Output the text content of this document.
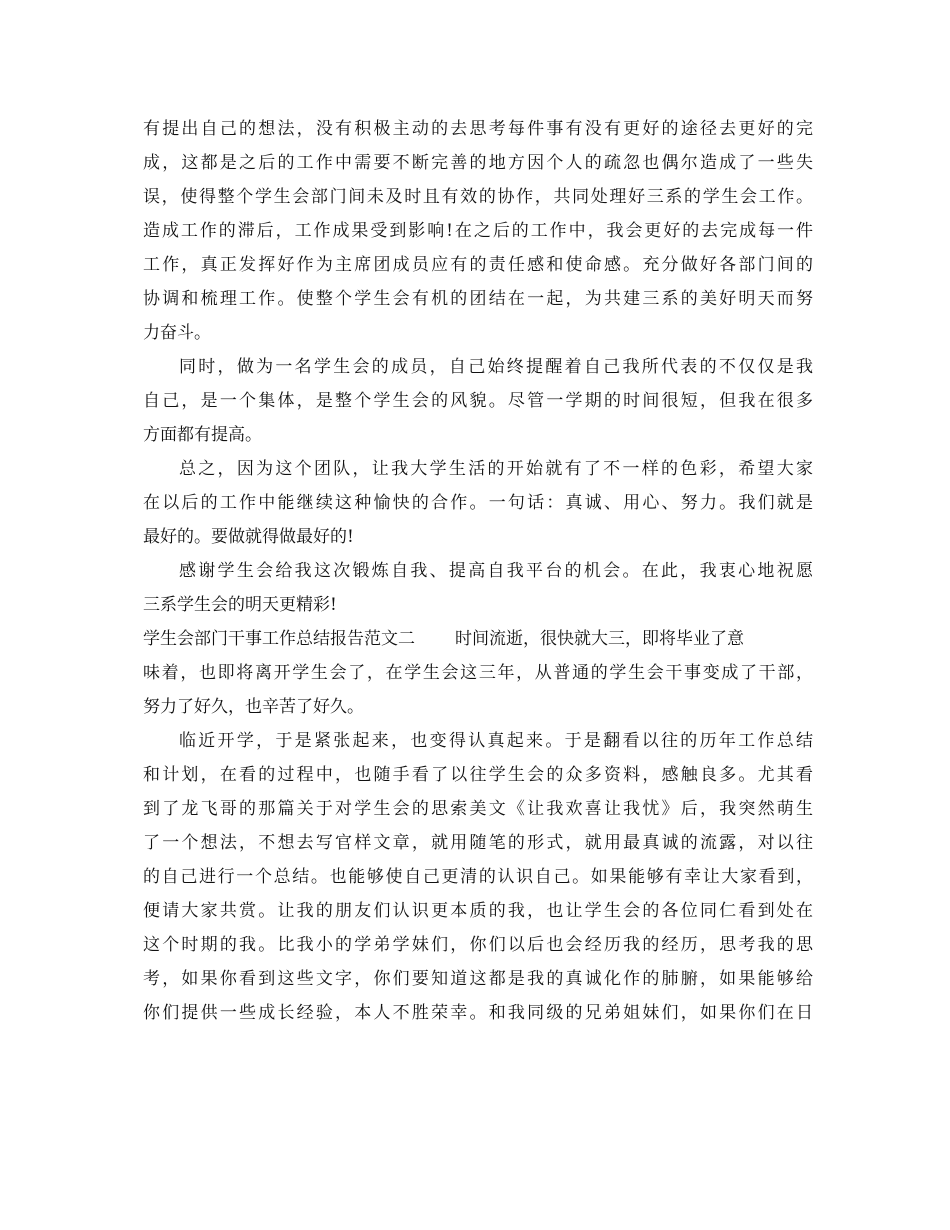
有提出自己的想法，没有积极主动的去思考每件事有没有更好的途径去更好的完
成，这都是之后的工作中需要不断完善的地方因个人的疏忽也偶尔造成了一些失
误，使得整个学生会部门间未及时且有效的协作，共同处理好三系的学生会工作。
造成工作的滞后，工作成果受到影响!在之后的工作中，我会更好的去完成每一件
工作，真正发挥好作为主席团成员应有的责任感和使命感。充分做好各部门间的
协调和梳理工作。使整个学生会有机的团结在一起，为共建三系的美好明天而努
力奋斗。
同时，做为一名学生会的成员，自己始终提醒着自己我所代表的不仅仅是我
自己，是一个集体，是整个学生会的风貌。尽管一学期的时间很短，但我在很多
方面都有提高。
总之，因为这个团队，让我大学生活的开始就有了不一样的色彩，希望大家
在以后的工作中能继续这种愉快的合作。一句话：真诚、用心、努力。我们就是
最好的。要做就得做最好的!
感谢学生会给我这次锻炼自我、提高自我平台的机会。在此，我衷心地祝愿
三系学生会的明天更精彩!
学生会部门干事工作总结报告范文二 时间流逝，很快就大三，即将毕业了意
味着，也即将离开学生会了，在学生会这三年，从普通的学生会干事变成了干部，
努力了好久，也辛苦了好久。
临近开学，于是紧张起来，也变得认真起来。于是翻看以往的历年工作总结
和计划，在看的过程中，也随手看了以往学生会的众多资料，感触良多。尤其看
到了龙飞哥的那篇关于对学生会的思索美文《让我欢喜让我忧》后，我突然萌生
了一个想法，不想去写官样文章，就用随笔的形式，就用最真诚的流露，对以往
的自己进行一个总结。也能够使自己更清的认识自己。如果能够有幸让大家看到，
便请大家共赏。让我的朋友们认识更本质的我，也让学生会的各位同仁看到处在
这个时期的我。比我小的学弟学妹们，你们以后也会经历我的经历，思考我的思
考，如果你看到这些文字，你们要知道这都是我的真诚化作的肺腑，如果能够给
你们提供一些成长经验，本人不胜荣幸。和我同级的兄弟姐妹们，如果你们在日
